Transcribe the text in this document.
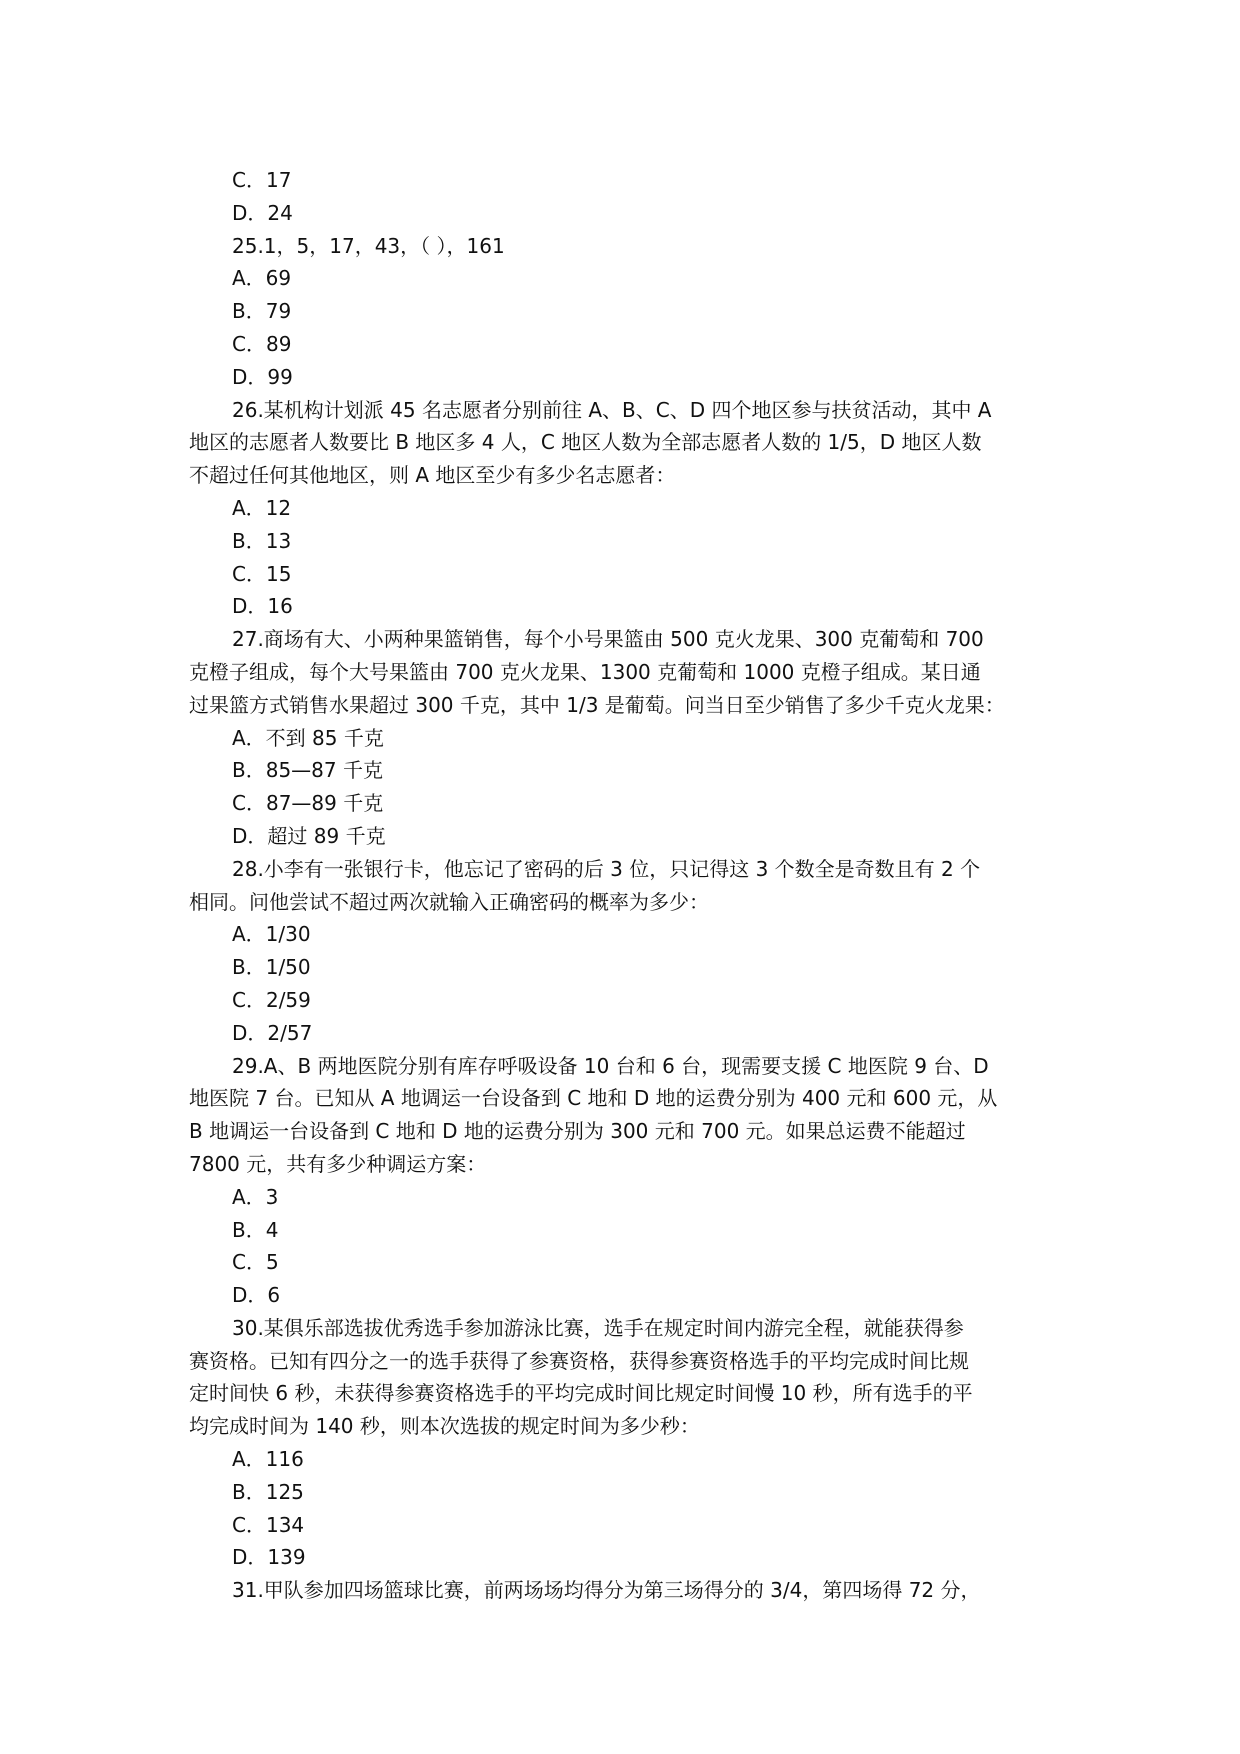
C．17
D．24
25.1，5，17，43，（ ），161
A．69
B．79
C．89
D．99
26.某机构计划派 45 名志愿者分别前往 A、B、C、D 四个地区参与扶贫活动，其中 A
地区的志愿者人数要比 B 地区多 4 人，C 地区人数为全部志愿者人数的 1/5，D 地区人数
不超过任何其他地区，则 A 地区至少有多少名志愿者：
A．12
B．13
C．15
D．16
27.商场有大、小两种果篮销售，每个小号果篮由 500 克火龙果、300 克葡萄和 700
克橙子组成，每个大号果篮由 700 克火龙果、1300 克葡萄和 1000 克橙子组成。某日通
过果篮方式销售水果超过 300 千克，其中 1/3 是葡萄。问当日至少销售了多少千克火龙果：
A．不到 85 千克
B．85—87 千克
C．87—89 千克
D．超过 89 千克
28.小李有一张银行卡，他忘记了密码的后 3 位，只记得这 3 个数全是奇数且有 2 个
相同。问他尝试不超过两次就输入正确密码的概率为多少：
A．1/30
B．1/50
C．2/59
D．2/57
29.A、B 两地医院分别有库存呼吸设备 10 台和 6 台，现需要支援 C 地医院 9 台、D
地医院 7 台。已知从 A 地调运一台设备到 C 地和 D 地的运费分别为 400 元和 600 元，从
B 地调运一台设备到 C 地和 D 地的运费分别为 300 元和 700 元。如果总运费不能超过
7800 元，共有多少种调运方案：
A．3
B．4
C．5
D．6
30.某俱乐部选拔优秀选手参加游泳比赛，选手在规定时间内游完全程，就能获得参
赛资格。已知有四分之一的选手获得了参赛资格，获得参赛资格选手的平均完成时间比规
定时间快 6 秒，未获得参赛资格选手的平均完成时间比规定时间慢 10 秒，所有选手的平
均完成时间为 140 秒，则本次选拔的规定时间为多少秒：
A．116
B．125
C．134
D．139
31.甲队参加四场篮球比赛，前两场场均得分为第三场得分的 3/4，第四场得 72 分，
